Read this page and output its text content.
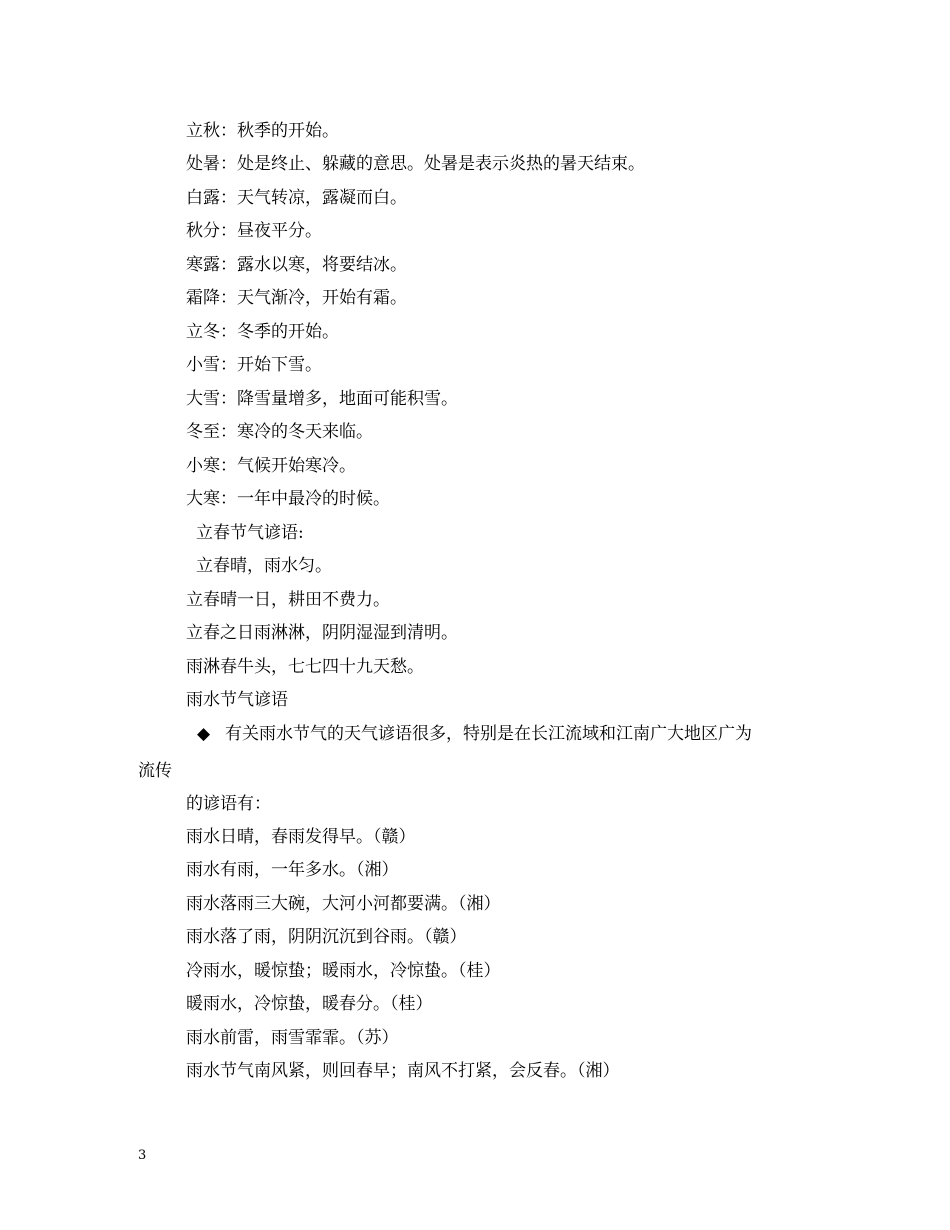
立秋：秋季的开始。
处暑：处是终止、躲藏的意思。处暑是表示炎热的暑天结束。
白露：天气转凉，露凝而白。
秋分：昼夜平分。
寒露：露水以寒，将要结冰。
霜降：天气渐冷，开始有霜。
立冬：冬季的开始。
小雪：开始下雪。
大雪：降雪量增多，地面可能积雪。
冬至：寒冷的冬天来临。
小寒：气候开始寒冷。
大寒：一年中最冷的时候。
立春节气谚语:
立春晴，雨水匀。
立春晴一日，耕田不费力。
立春之日雨淋淋，阴阴湿湿到清明。
雨淋春牛头，七七四十九天愁。
雨水节气谚语
◆ 有关雨水节气的天气谚语很多，特别是在长江流域和江南广大地区广为
流传
的谚语有：
雨水日晴，春雨发得早。（赣）
雨水有雨，一年多水。（湘）
雨水落雨三大碗，大河小河都要满。（湘）
雨水落了雨，阴阴沉沉到谷雨。（赣）
冷雨水，暖惊蛰；暖雨水，冷惊蛰。（桂）
暖雨水，冷惊蛰，暖春分。（桂）
雨水前雷，雨雪霏霏。（苏）
雨水节气南风紧，则回春早；南风不打紧，会反春。（湘）
3
